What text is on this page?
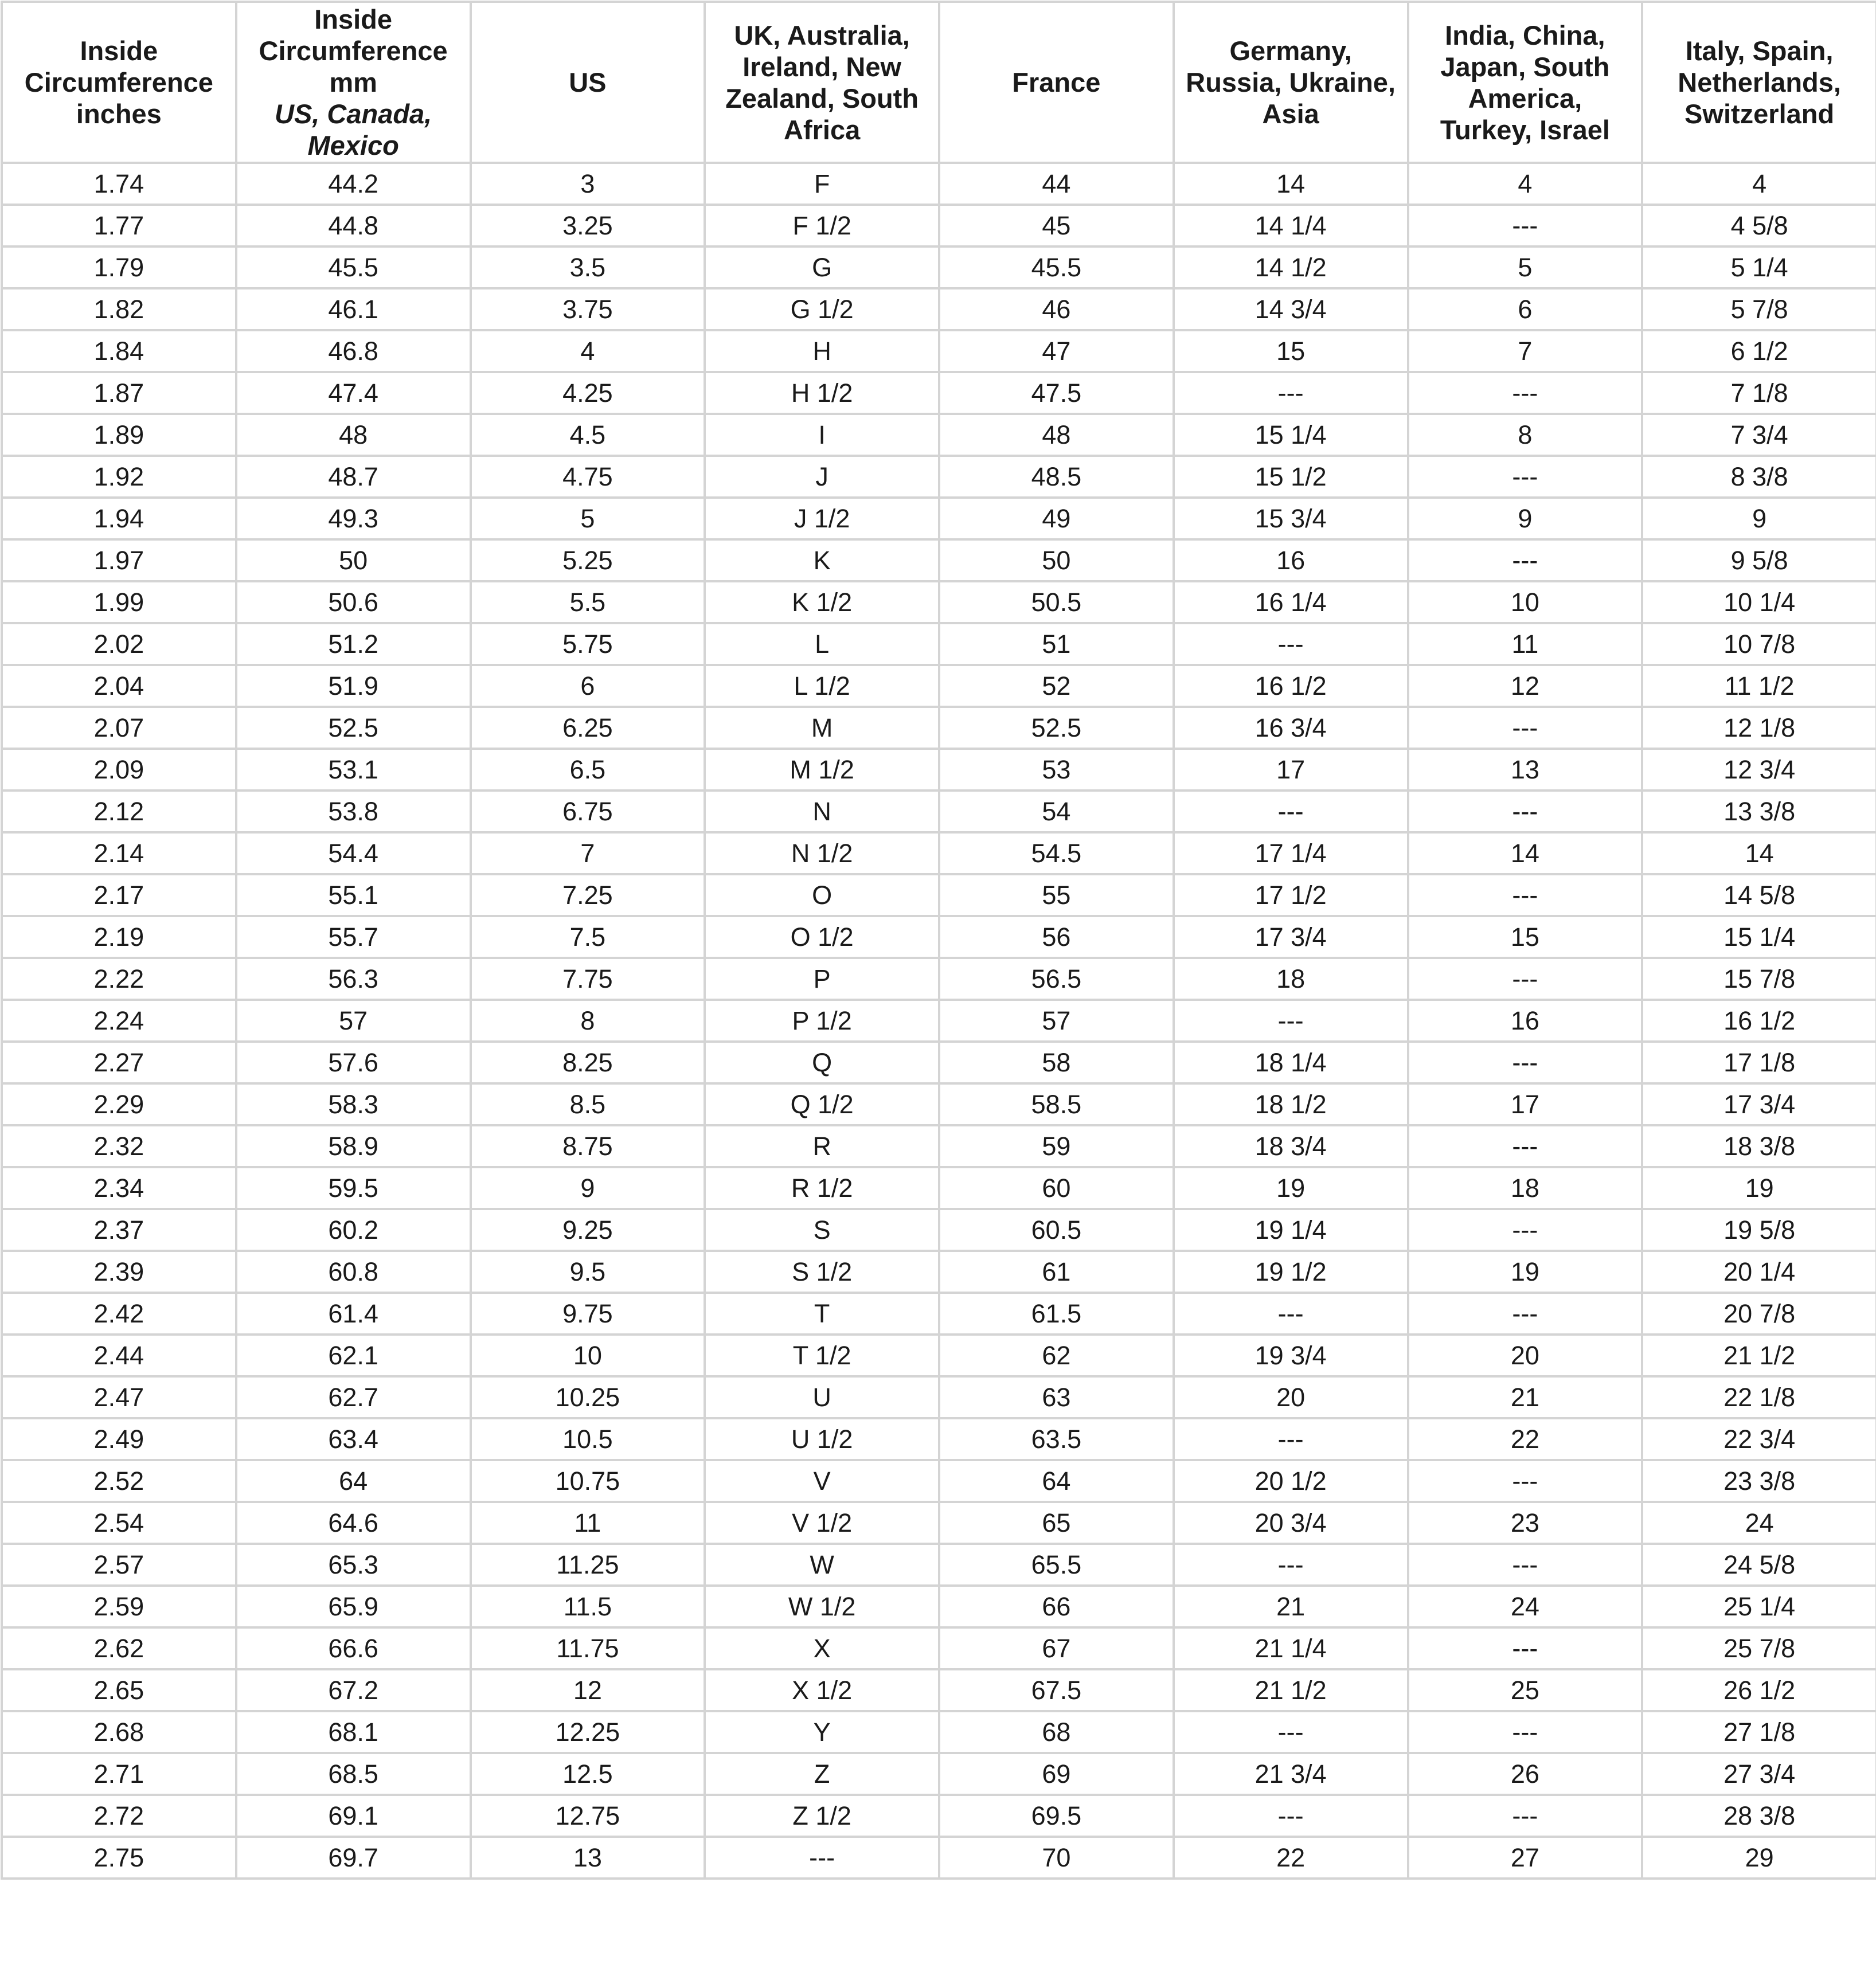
Inside
Circumference
inches	Inside
Circumference
mm
US, Canada,
Mexico	US	UK, Australia,
Ireland, New
Zealand, South
Africa	France	Germany,
Russia, Ukraine,
Asia	India, China,
Japan, South
America,
Turkey, Israel	Italy, Spain,
Netherlands,
Switzerland

1.74	44.2	3	F	44	14	4	4
1.77	44.8	3.25	F 1/2	45	14 1/4	---	4 5/8
1.79	45.5	3.5	G	45.5	14 1/2	5	5 1/4
1.82	46.1	3.75	G 1/2	46	14 3/4	6	5 7/8
1.84	46.8	4	H	47	15	7	6 1/2
1.87	47.4	4.25	H 1/2	47.5	---	---	7 1/8
1.89	48	4.5	I	48	15 1/4	8	7 3/4
1.92	48.7	4.75	J	48.5	15 1/2	---	8 3/8
1.94	49.3	5	J 1/2	49	15 3/4	9	9
1.97	50	5.25	K	50	16	---	9 5/8
1.99	50.6	5.5	K 1/2	50.5	16 1/4	10	10 1/4
2.02	51.2	5.75	L	51	---	11	10 7/8
2.04	51.9	6	L 1/2	52	16 1/2	12	11 1/2
2.07	52.5	6.25	M	52.5	16 3/4	---	12 1/8
2.09	53.1	6.5	M 1/2	53	17	13	12 3/4
2.12	53.8	6.75	N	54	---	---	13 3/8
2.14	54.4	7	N 1/2	54.5	17 1/4	14	14
2.17	55.1	7.25	O	55	17 1/2	---	14 5/8
2.19	55.7	7.5	O 1/2	56	17 3/4	15	15 1/4
2.22	56.3	7.75	P	56.5	18	---	15 7/8
2.24	57	8	P 1/2	57	---	16	16 1/2
2.27	57.6	8.25	Q	58	18 1/4	---	17 1/8
2.29	58.3	8.5	Q 1/2	58.5	18 1/2	17	17 3/4
2.32	58.9	8.75	R	59	18 3/4	---	18 3/8
2.34	59.5	9	R 1/2	60	19	18	19
2.37	60.2	9.25	S	60.5	19 1/4	---	19 5/8
2.39	60.8	9.5	S 1/2	61	19 1/2	19	20 1/4
2.42	61.4	9.75	T	61.5	---	---	20 7/8
2.44	62.1	10	T 1/2	62	19 3/4	20	21 1/2
2.47	62.7	10.25	U	63	20	21	22 1/8
2.49	63.4	10.5	U 1/2	63.5	---	22	22 3/4
2.52	64	10.75	V	64	20 1/2	---	23 3/8
2.54	64.6	11	V 1/2	65	20 3/4	23	24
2.57	65.3	11.25	W	65.5	---	---	24 5/8
2.59	65.9	11.5	W 1/2	66	21	24	25 1/4
2.62	66.6	11.75	X	67	21 1/4	---	25 7/8
2.65	67.2	12	X 1/2	67.5	21 1/2	25	26 1/2
2.68	68.1	12.25	Y	68	---	---	27 1/8
2.71	68.5	12.5	Z	69	21 3/4	26	27 3/4
2.72	69.1	12.75	Z 1/2	69.5	---	---	28 3/8
2.75	69.7	13	---	70	22	27	29
